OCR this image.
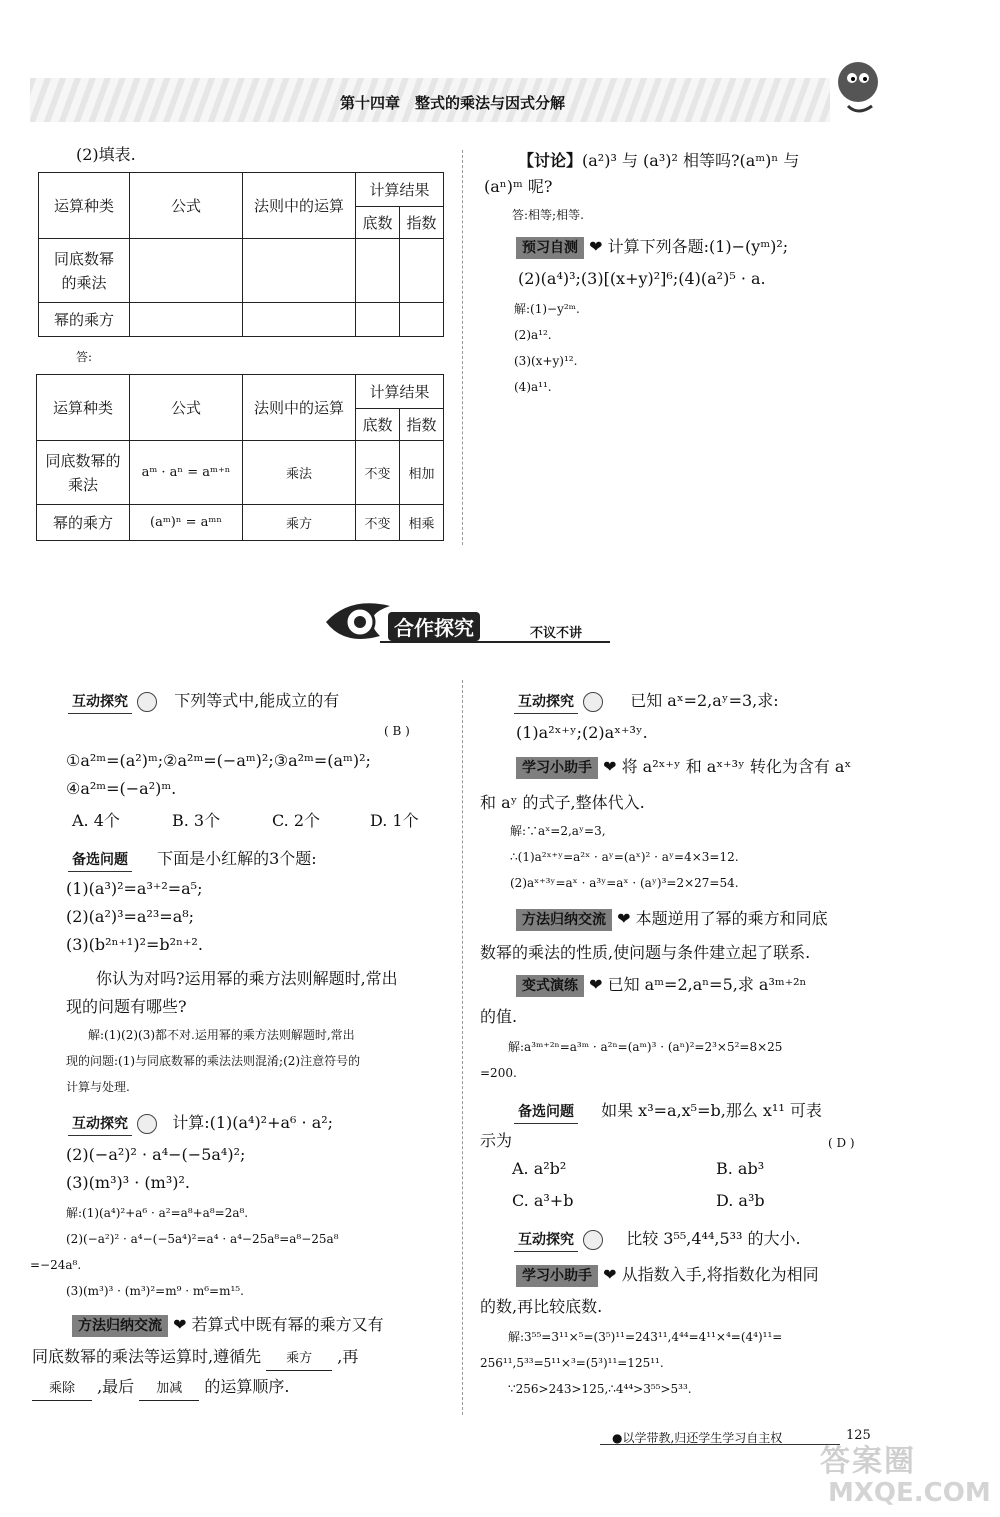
第十四章　整式的乘法与因式分解
(2)填表.
运算种类	公式	法则中的运算	计算结果	
			底数	指数
同底数幂的乘法				
幂的乘方				
答:
运算种类	公式	法则中的运算	计算结果	
			底数	指数
同底数幂的乘法	aᵐ · aⁿ = aᵐ⁺ⁿ	乘法	不变	相加
幂的乘方	(aᵐ)ⁿ = aᵐⁿ	乘方	不变	相乘
【讨论】(a²)³ 与 (a³)² 相等吗?(aᵐ)ⁿ 与
(aⁿ)ᵐ 呢?
答:相等;相等.
预习自测 ❤ 计算下列各题:(1)−(yᵐ)²;
(2)(a⁴)³;(3)[(x+y)²]⁶;(4)(a²)⁵ · a.
解:(1)−y²ᵐ.
(2)a¹².
(3)(x+y)¹².
(4)a¹¹.
合作探究	不议不讲
互动探究	下列等式中,能成立的有
( B )
①a²ᵐ=(a²)ᵐ;②a²ᵐ=(−aᵐ)²;③a²ᵐ=(aᵐ)²;
④a²ᵐ=(−a²)ᵐ.
A. 4个	B. 3个	C. 2个	D. 1个
备选问题 下面是小红解的3个题:
(1)(a³)²=a³⁺²=a⁵;
(2)(a²)³=a²³=a⁸;
(3)(b²ⁿ⁺¹)²=b²ⁿ⁺².
你认为对吗?运用幂的乘方法则解题时,常出
现的问题有哪些?
解:(1)(2)(3)都不对.运用幂的乘方法则解题时,常出
现的问题:(1)与同底数幂的乘法法则混淆;(2)注意符号的
计算与处理.
互动探究	计算:(1)(a⁴)²+a⁶ · a²;
(2)(−a²)² · a⁴−(−5a⁴)²;
(3)(m³)³ · (m³)².
解:(1)(a⁴)²+a⁶ · a²=a⁸+a⁸=2a⁸.
(2)(−a²)² · a⁴−(−5a⁴)²=a⁴ · a⁴−25a⁸=a⁸−25a⁸
=−24a⁸.
(3)(m³)³ · (m³)²=m⁹ · m⁶=m¹⁵.
方法归纳交流 ❤ 若算式中既有幂的乘方又有
同底数幂的乘法等运算时,遵循先 乘方 ,再
乘除 ,最后 加减 的运算顺序.
互动探究	已知 aˣ=2,aʸ=3,求:
(1)a²ˣ⁺ʸ;(2)aˣ⁺³ʸ.
学习小助手 ❤ 将 a²ˣ⁺ʸ 和 aˣ⁺³ʸ 转化为含有 aˣ
和 aʸ 的式子,整体代入.
解:∵aˣ=2,aʸ=3,
∴(1)a²ˣ⁺ʸ=a²ˣ · aʸ=(aˣ)² · aʸ=4×3=12.
(2)aˣ⁺³ʸ=aˣ · a³ʸ=aˣ · (aʸ)³=2×27=54.
方法归纳交流 ❤ 本题逆用了幂的乘方和同底
数幂的乘法的性质,使问题与条件建立起了联系.
变式演练 ❤ 已知 aᵐ=2,aⁿ=5,求 a³ᵐ⁺²ⁿ
的值.
解:a³ᵐ⁺²ⁿ=a³ᵐ · a²ⁿ=(aᵐ)³ · (aⁿ)²=2³×5²=8×25
=200.
备选问题 如果 x³=a,x⁵=b,那么 x¹¹ 可表
示为	( D )
A. a²b²	B. ab³
C. a³+b	D. a³b
互动探究	比较 3⁵⁵,4⁴⁴,5³³ 的大小.
学习小助手 ❤ 从指数入手,将指数化为相同
的数,再比较底数.
解:3⁵⁵=3¹¹×⁵=(3⁵)¹¹=243¹¹,4⁴⁴=4¹¹×⁴=(4⁴)¹¹=
256¹¹,5³³=5¹¹×³=(5³)¹¹=125¹¹.
∵256>243>125,∴4⁴⁴>3⁵⁵>5³³.
●以学带教,归还学生学习自主权	125
答案圈
MXQE.COM
